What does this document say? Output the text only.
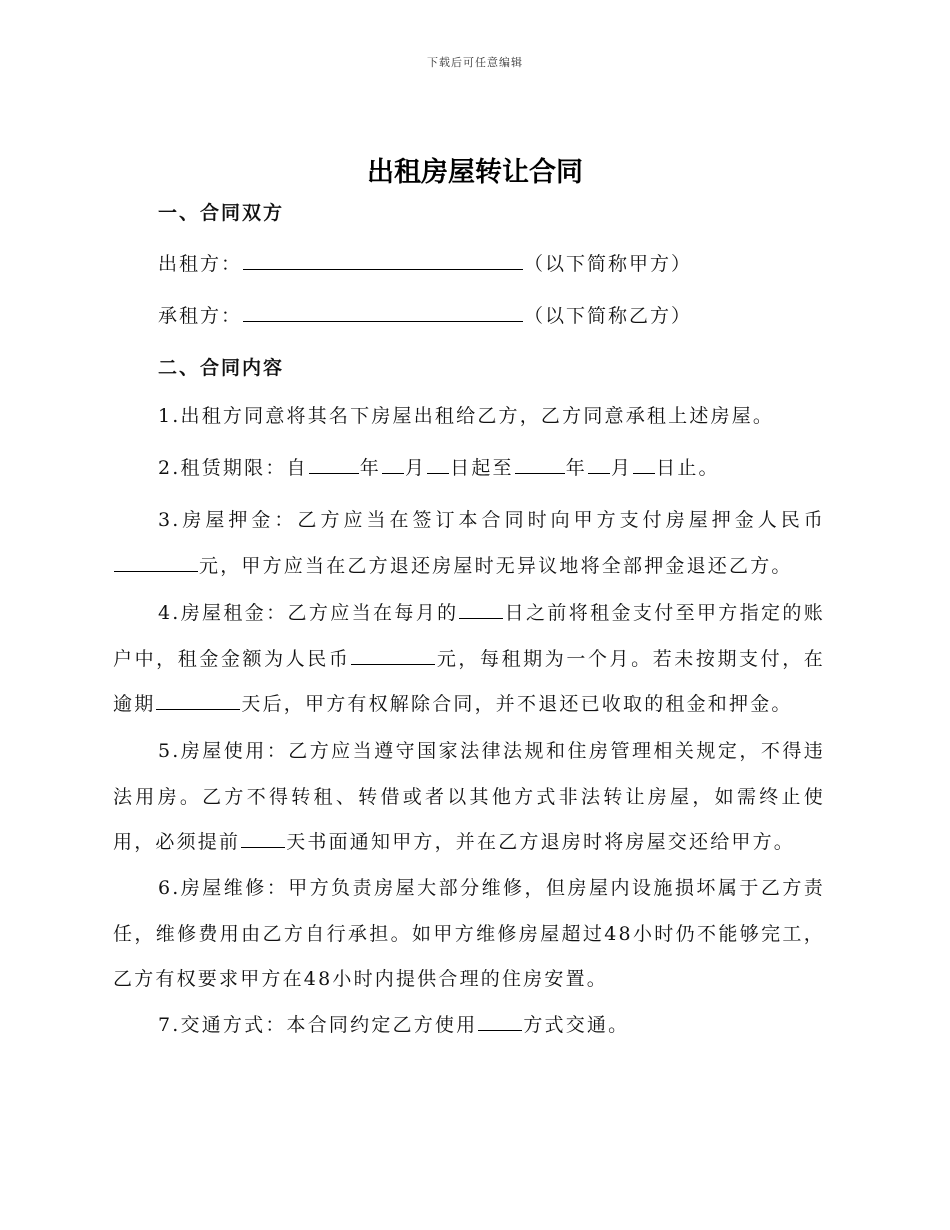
下载后可任意编辑
出租房屋转让合同
一、合同双方
出租方：	（以下简称甲方）
承租方：	（以下简称乙方）
二、合同内容
1.出租方同意将其名下房屋出租给乙方，乙方同意承租上述房屋。
2.租赁期限：自	年 月 日起至	年 月 日止。
3.房屋押金：乙方应当在签订本合同时向甲方支付房屋押金人民币元，甲方应当在乙方退还房屋时无异议地将全部押金退还乙方。
4.房屋租金：乙方应当在每月的 日之前将租金支付至甲方指定的账户中，租金金额为人民币	元，每租期为一个月。若未按期支付，在逾期	天后，甲方有权解除合同，并不退还已收取的租金和押金。
5.房屋使用：乙方应当遵守国家法律法规和住房管理相关规定，不得违法用房。乙方不得转租、转借或者以其他方式非法转让房屋，如需终止使用，必须提前 天书面通知甲方，并在乙方退房时将房屋交还给甲方。
6.房屋维修：甲方负责房屋大部分维修，但房屋内设施损坏属于乙方责任，维修费用由乙方自行承担。如甲方维修房屋超过48小时仍不能够完工，乙方有权要求甲方在48小时内提供合理的住房安置。
7.交通方式：本合同约定乙方使用 方式交通。
